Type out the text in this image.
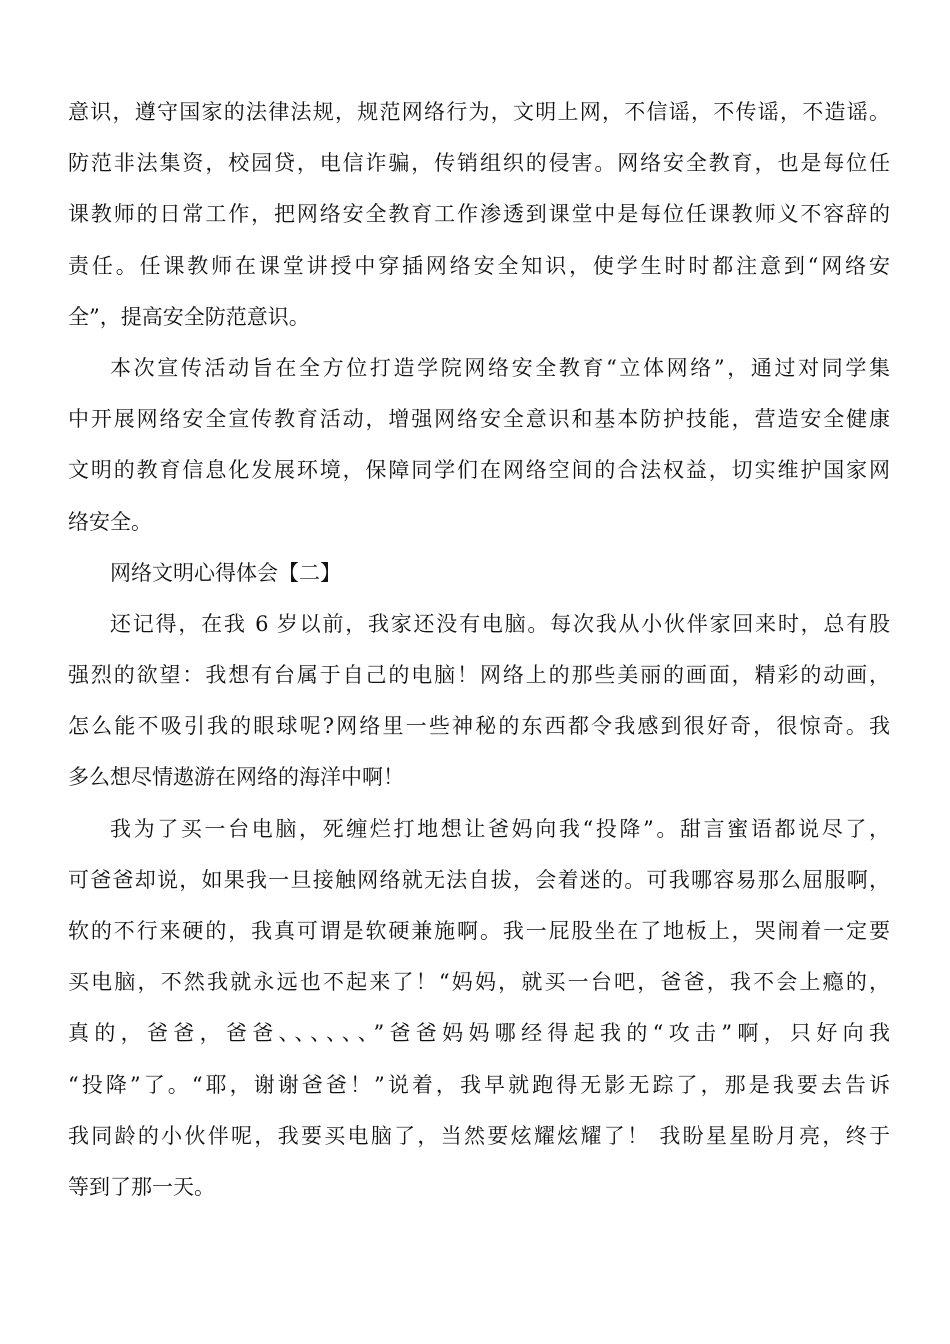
意识，遵守国家的法律法规，规范网络行为，文明上网，不信谣，不传谣，不造谣。
防范非法集资，校园贷，电信诈骗，传销组织的侵害。网络安全教育，也是每位任
课教师的日常工作，把网络安全教育工作渗透到课堂中是每位任课教师义不容辞的
责任。任课教师在课堂讲授中穿插网络安全知识，使学生时时都注意到“网络安
全”，提高安全防范意识。
本次宣传活动旨在全方位打造学院网络安全教育“立体网络”，通过对同学集
中开展网络安全宣传教育活动，增强网络安全意识和基本防护技能，营造安全健康
文明的教育信息化发展环境，保障同学们在网络空间的合法权益，切实维护国家网
络安全。
网络文明心得体会【二】
还记得，在我 6 岁以前，我家还没有电脑。每次我从小伙伴家回来时，总有股
强烈的欲望：我想有台属于自己的电脑！网络上的那些美丽的画面，精彩的动画，
怎么能不吸引我的眼球呢?网络里一些神秘的东西都令我感到很好奇，很惊奇。我
多么想尽情遨游在网络的海洋中啊！
我为了买一台电脑，死缠烂打地想让爸妈向我“投降”。甜言蜜语都说尽了，
可爸爸却说，如果我一旦接触网络就无法自拔，会着迷的。可我哪容易那么屈服啊，
软的不行来硬的，我真可谓是软硬兼施啊。我一屁股坐在了地板上，哭闹着一定要
买电脑，不然我就永远也不起来了！“妈妈，就买一台吧，爸爸，我不会上瘾的，
真的，爸爸，爸爸、、、、、、”爸爸妈妈哪经得起我的“攻击”啊，只好向我
“投降”了。“耶，谢谢爸爸！”说着，我早就跑得无影无踪了，那是我要去告诉
我同龄的小伙伴呢，我要买电脑了，当然要炫耀炫耀了！ 我盼星星盼月亮，终于
等到了那一天。
